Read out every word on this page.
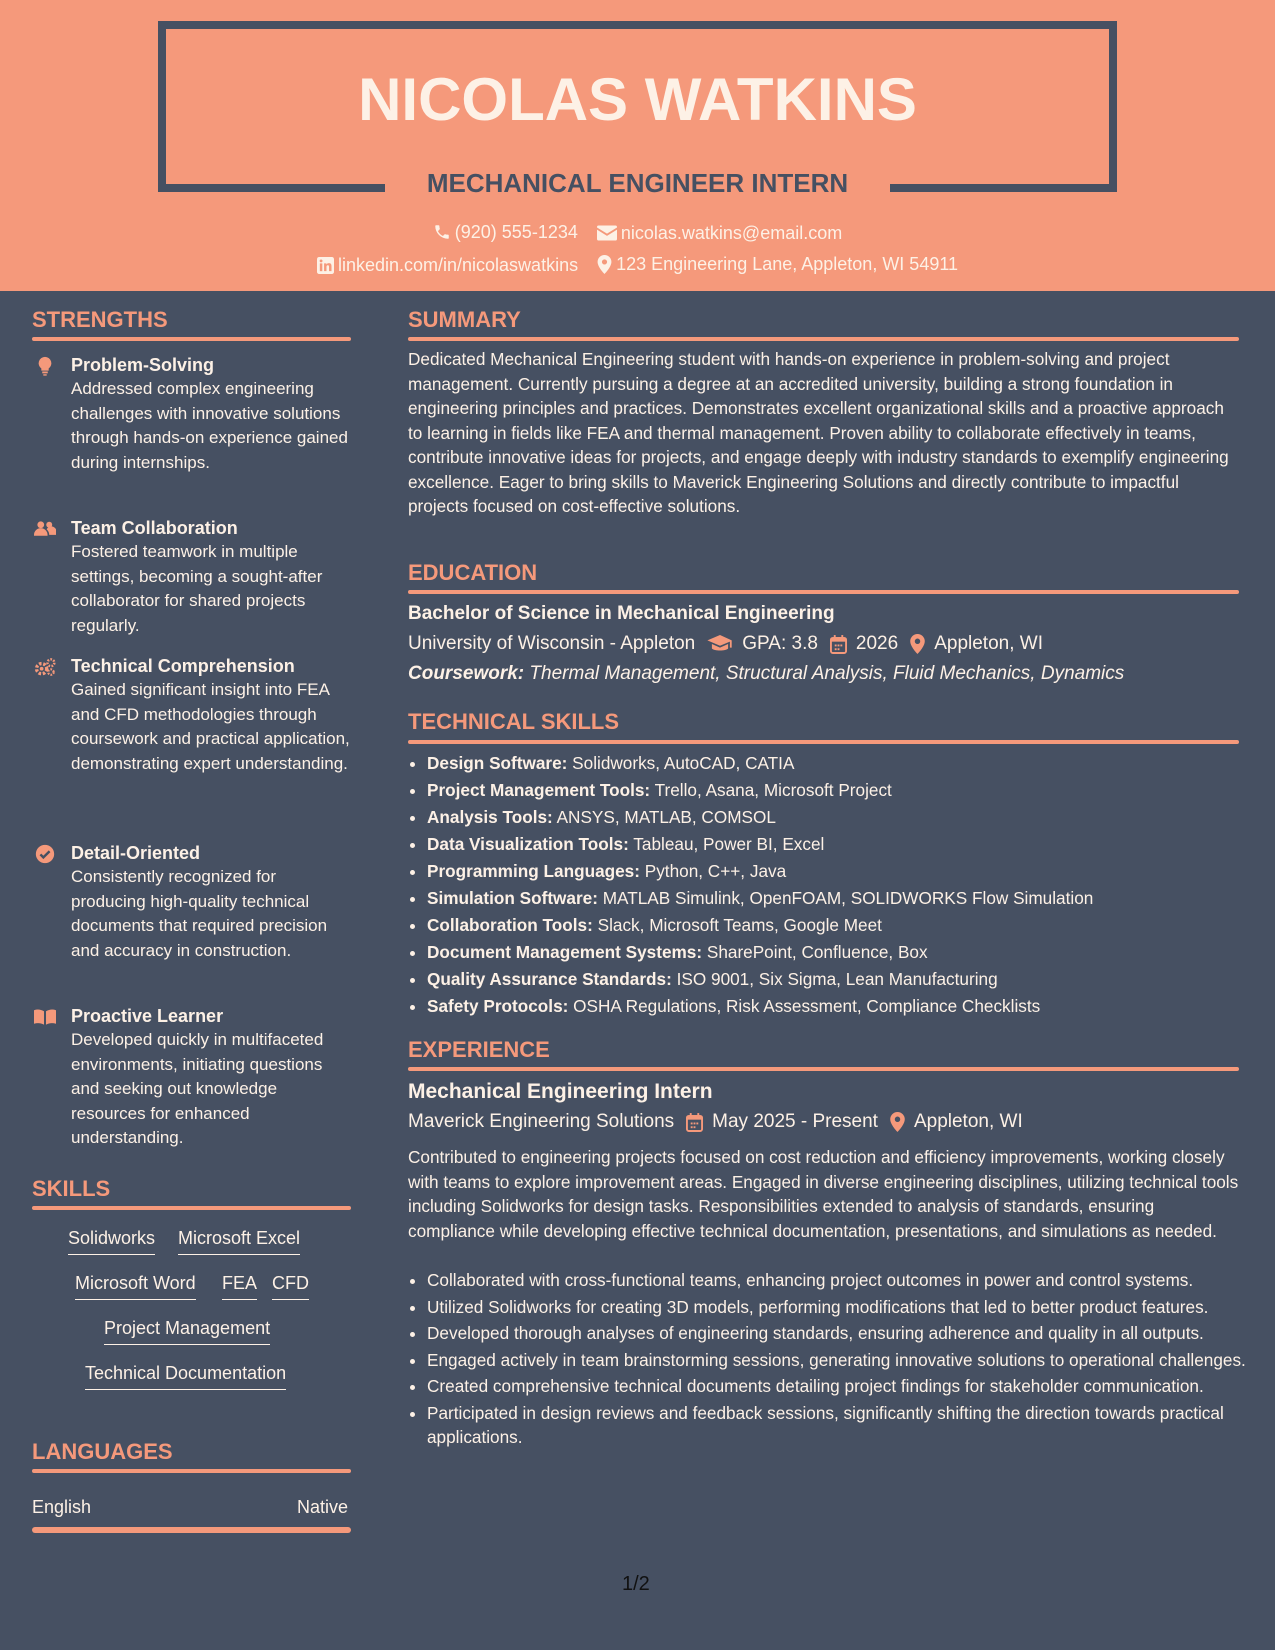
NICOLAS WATKINS
MECHANICAL ENGINEER INTERN
(920) 555-1234
nicolas.watkins@email.com
linkedin.com/in/nicolaswatkins
123 Engineering Lane, Appleton, WI 54911
STRENGTHS
Problem-Solving
Addressed complex engineering challenges with innovative solutions through hands-on experience gained during internships.
Team Collaboration
Fostered teamwork in multiple settings, becoming a sought-after collaborator for shared projects regularly.
Technical Comprehension
Gained significant insight into FEA and CFD methodologies through coursework and practical application, demonstrating expert understanding.
Detail-Oriented
Consistently recognized for producing high-quality technical documents that required precision and accuracy in construction.
Proactive Learner
Developed quickly in multifaceted environments, initiating questions and seeking out knowledge resources for enhanced understanding.
SKILLS
Solidworks Microsoft Excel
Microsoft Word FEA CFD
Project Management
Technical Documentation
LANGUAGES
English	Native
SUMMARY
Dedicated Mechanical Engineering student with hands-on experience in problem-solving and project management. Currently pursuing a degree at an accredited university, building a strong foundation in engineering principles and practices. Demonstrates excellent organizational skills and a proactive approach to learning in fields like FEA and thermal management. Proven ability to collaborate effectively in teams, contribute innovative ideas for projects, and engage deeply with industry standards to exemplify engineering excellence. Eager to bring skills to Maverick Engineering Solutions and directly contribute to impactful projects focused on cost-effective solutions.
EDUCATION
Bachelor of Science in Mechanical Engineering
University of Wisconsin - Appleton GPA: 3.8 2026 Appleton, WI
Coursework: Thermal Management, Structural Analysis, Fluid Mechanics, Dynamics
TECHNICAL SKILLS
• Design Software: Solidworks, AutoCAD, CATIA
• Project Management Tools: Trello, Asana, Microsoft Project
• Analysis Tools: ANSYS, MATLAB, COMSOL
• Data Visualization Tools: Tableau, Power BI, Excel
• Programming Languages: Python, C++, Java
• Simulation Software: MATLAB Simulink, OpenFOAM, SOLIDWORKS Flow Simulation
• Collaboration Tools: Slack, Microsoft Teams, Google Meet
• Document Management Systems: SharePoint, Confluence, Box
• Quality Assurance Standards: ISO 9001, Six Sigma, Lean Manufacturing
• Safety Protocols: OSHA Regulations, Risk Assessment, Compliance Checklists
EXPERIENCE
Mechanical Engineering Intern
Maverick Engineering Solutions May 2025 - Present Appleton, WI
Contributed to engineering projects focused on cost reduction and efficiency improvements, working closely with teams to explore improvement areas. Engaged in diverse engineering disciplines, utilizing technical tools including Solidworks for design tasks. Responsibilities extended to analysis of standards, ensuring compliance while developing effective technical documentation, presentations, and simulations as needed.
• Collaborated with cross-functional teams, enhancing project outcomes in power and control systems.
• Utilized Solidworks for creating 3D models, performing modifications that led to better product features.
• Developed thorough analyses of engineering standards, ensuring adherence and quality in all outputs.
• Engaged actively in team brainstorming sessions, generating innovative solutions to operational challenges.
• Created comprehensive technical documents detailing project findings for stakeholder communication.
• Participated in design reviews and feedback sessions, significantly shifting the direction towards practical applications.
1/2
